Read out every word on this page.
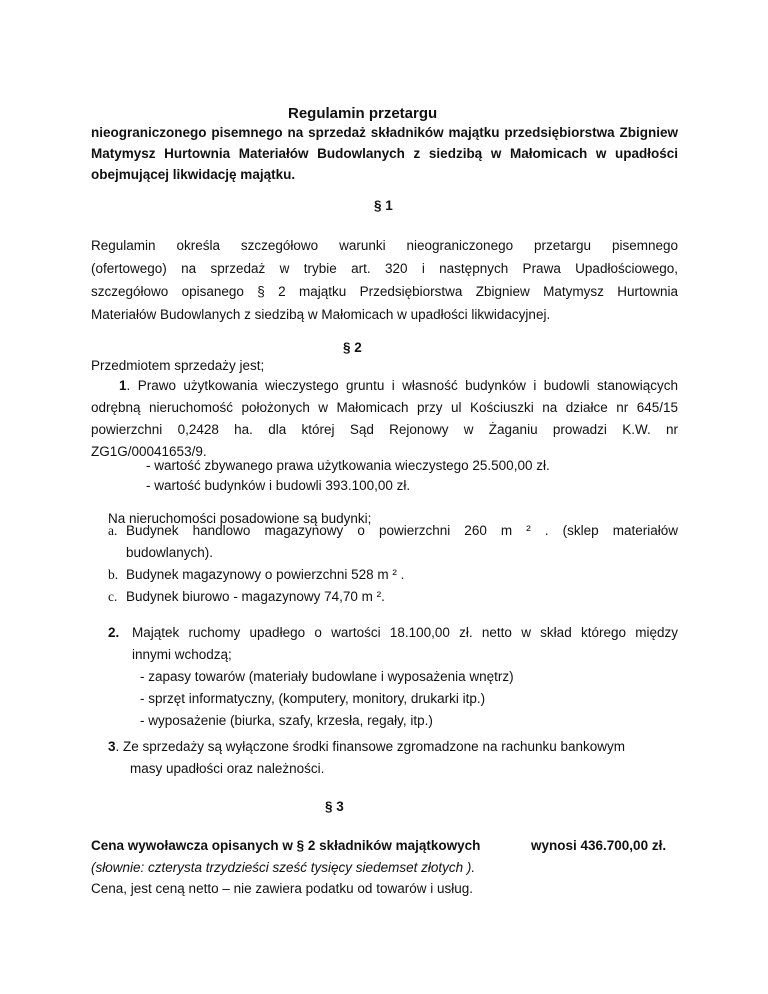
Regulamin przetargu
nieograniczonego pisemnego na sprzedaż składników majątku przedsiębiorstwa Zbigniew
Matymysz Hurtownia Materiałów Budowlanych z siedzibą w Małomicach w upadłości
obejmującej likwidację majątku.
§ 1
Regulamin określa szczegółowo warunki nieograniczonego przetargu pisemnego
(ofertowego) na sprzedaż w trybie art. 320 i następnych Prawa Upadłościowego,
szczegółowo opisanego § 2 majątku Przedsiębiorstwa Zbigniew Matymysz Hurtownia
Materiałów Budowlanych z siedzibą w Małomicach w upadłości likwidacyjnej.
§ 2
Przedmiotem sprzedaży jest;
1. Prawo użytkowania wieczystego gruntu i własność budynków i budowli stanowiących
odrębną nieruchomość położonych w Małomicach przy ul Kościuszki na działce nr 645/15
powierzchni 0,2428 ha. dla której Sąd Rejonowy w Żaganiu prowadzi K.W. nr
ZG1G/00041653/9.
- wartość zbywanego prawa użytkowania wieczystego 25.500,00 zł.
- wartość budynków i budowli 393.100,00 zł.
Na nieruchomości posadowione są budynki;
a. Budynek handlowo magazynowy o powierzchni 260 m ² . (sklep materiałów
budowlanych).
b. Budynek magazynowy o powierzchni 528 m ² .
c. Budynek biurowo - magazynowy 74,70 m ².
2. Majątek ruchomy upadłego o wartości 18.100,00 zł. netto w skład którego między
innymi wchodzą;
- zapasy towarów (materiały budowlane i wyposażenia wnętrz)
- sprzęt informatyczny, (komputery, monitory, drukarki itp.)
- wyposażenie (biurka, szafy, krzesła, regały, itp.)
3. Ze sprzedaży są wyłączone środki finansowe zgromadzone na rachunku bankowym
masy upadłości oraz należności.
§ 3
Cena wywoławcza opisanych w § 2 składników majątkowych	wynosi 436.700,00 zł.
(słownie: czterysta trzydzieści sześć tysięcy siedemset złotych ).
Cena, jest ceną netto – nie zawiera podatku od towarów i usług.
